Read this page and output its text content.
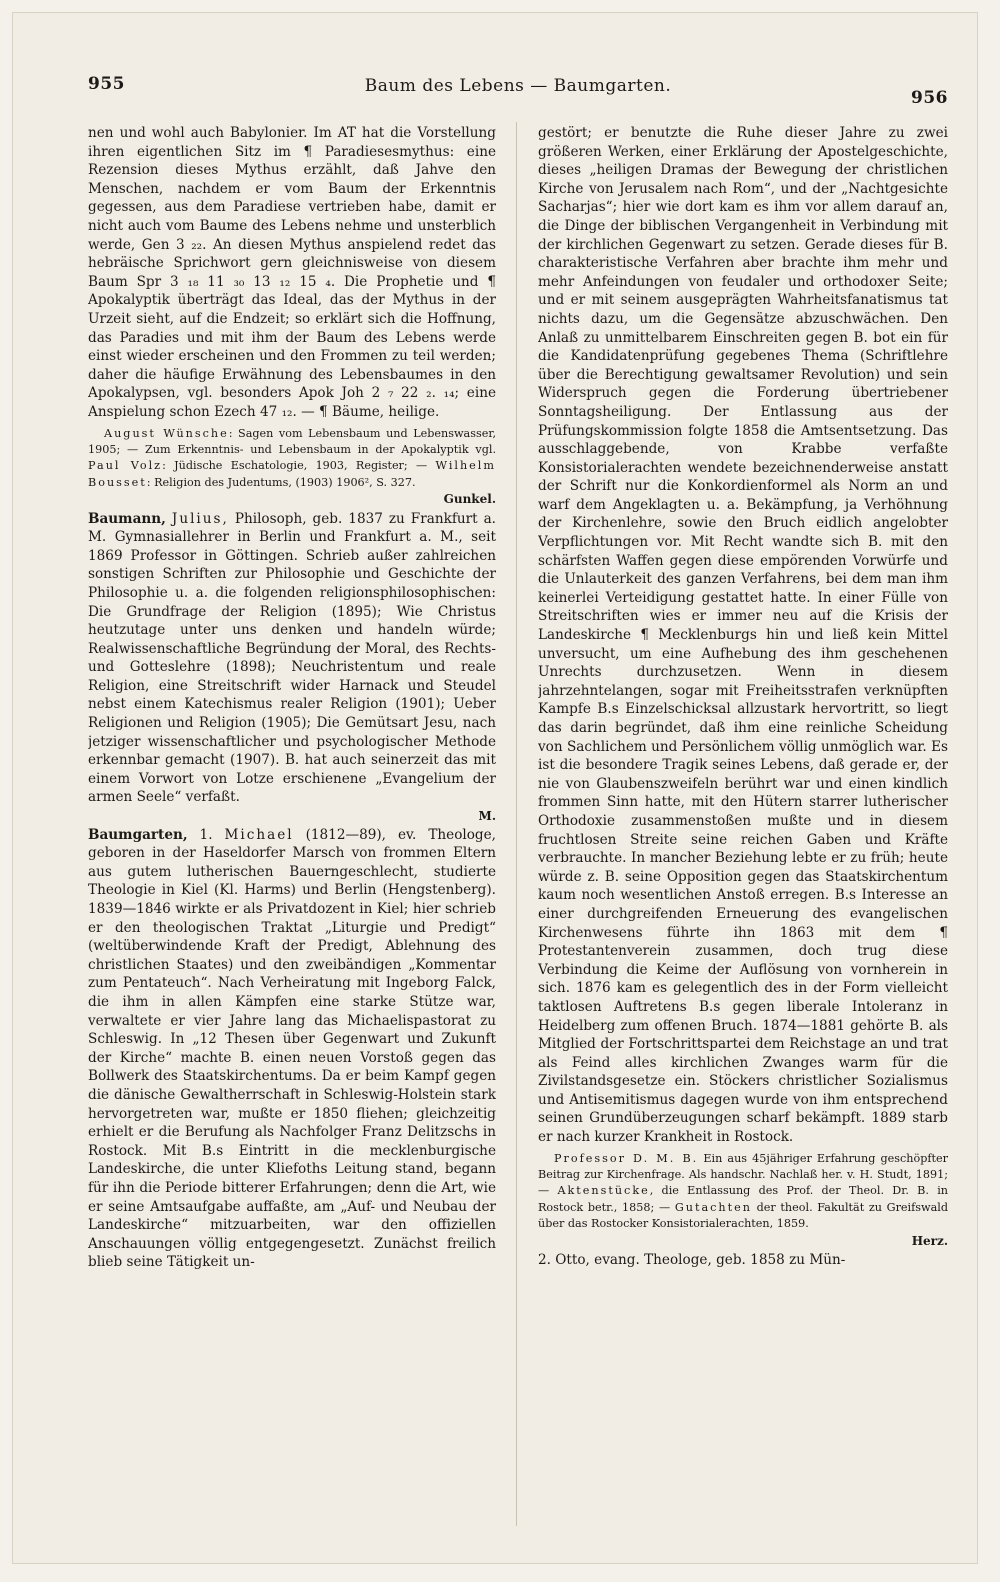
955	Baum des Lebens — Baumgarten.
956

nen und wohl auch Babylonier. Im AT hat die Vorstellung ihren eigentlichen Sitz im ¶ Paradiesesmythus: eine Rezension dieses Mythus erzählt, daß Jahve den Menschen, nachdem er vom Baum der Erkenntnis gegessen, aus dem Paradiese vertrieben habe, damit er nicht auch vom Baume des Lebens nehme und unsterblich werde, Gen 3 ₂₂. An diesen Mythus anspielend redet das hebräische Sprichwort gern gleichnisweise von diesem Baum Spr 3 ₁₈ 11 ₃₀ 13 ₁₂ 15 ₄. Die Prophetie und ¶ Apokalyptik überträgt das Ideal, das der Mythus in der Urzeit sieht, auf die Endzeit; so erklärt sich die Hoffnung, das Paradies und mit ihm der Baum des Lebens werde einst wieder erscheinen und den Frommen zu teil werden; daher die häufige Erwähnung des Lebensbaumes in den Apokalypsen, vgl. besonders Apok Joh 2 ₇ 22 ₂. ₁₄; eine Anspielung schon Ezech 47 ₁₂. — ¶ Bäume, heilige.

August Wünsche: Sagen vom Lebensbaum und Lebenswasser, 1905; — Zum Erkenntnis- und Lebensbaum in der Apokalyptik vgl. Paul Volz: Jüdische Eschatologie, 1903, Register; — Wilhelm Bousset: Religion des Judentums, (1903) 1906², S. 327.
Gunkel.

Baumann, Julius, Philosoph, geb. 1837 zu Frankfurt a. M. Gymnasiallehrer in Berlin und Frankfurt a. M., seit 1869 Professor in Göttingen. Schrieb außer zahlreichen sonstigen Schriften zur Philosophie und Geschichte der Philosophie u. a. die folgenden religionsphilosophischen: Die Grundfrage der Religion (1895); Wie Christus heutzutage unter uns denken und handeln würde; Realwissenschaftliche Begründung der Moral, des Rechts- und Gotteslehre (1898); Neuchristentum und reale Religion, eine Streitschrift wider Harnack und Steudel nebst einem Katechismus realer Religion (1901); Ueber Religionen und Religion (1905); Die Gemütsart Jesu, nach jetziger wissenschaftlicher und psychologischer Methode erkennbar gemacht (1907). B. hat auch seinerzeit das mit einem Vorwort von Lotze erschienene „Evangelium der armen Seele“ verfaßt.
M.

Baumgarten, 1. Michael (1812—89), ev. Theologe, geboren in der Haseldorfer Marsch von frommen Eltern aus gutem lutherischen Bauerngeschlecht, studierte Theologie in Kiel (Kl. Harms) und Berlin (Hengstenberg). 1839—1846 wirkte er als Privatdozent in Kiel; hier schrieb er den theologischen Traktat „Liturgie und Predigt“ (weltüberwindende Kraft der Predigt, Ablehnung des christlichen Staates) und den zweibändigen „Kommentar zum Pentateuch“. Nach Verheiratung mit Ingeborg Falck, die ihm in allen Kämpfen eine starke Stütze war, verwaltete er vier Jahre lang das Michaelispastorat zu Schleswig. In „12 Thesen über Gegenwart und Zukunft der Kirche“ machte B. einen neuen Vorstoß gegen das Bollwerk des Staatskirchentums. Da er beim Kampf gegen die dänische Gewaltherrschaft in Schleswig-Holstein stark hervorgetreten war, mußte er 1850 fliehen; gleichzeitig erhielt er die Berufung als Nachfolger Franz Delitzschs in Rostock. Mit B.s Eintritt in die mecklenburgische Landeskirche, die unter Kliefoths Leitung stand, begann für ihn die Periode bitterer Erfahrungen; denn die Art, wie er seine Amtsaufgabe auffaßte, am „Auf- und Neubau der Landeskirche“ mitzuarbeiten, war den offiziellen Anschauungen völlig entgegengesetzt. Zunächst freilich blieb seine Tätigkeit un-

gestört; er benutzte die Ruhe dieser Jahre zu zwei größeren Werken, einer Erklärung der Apostelgeschichte, dieses „heiligen Dramas der Bewegung der christlichen Kirche von Jerusalem nach Rom“, und der „Nachtgesichte Sacharjas“; hier wie dort kam es ihm vor allem darauf an, die Dinge der biblischen Vergangenheit in Verbindung mit der kirchlichen Gegenwart zu setzen. Gerade dieses für B. charakteristische Verfahren aber brachte ihm mehr und mehr Anfeindungen von feudaler und orthodoxer Seite; und er mit seinem ausgeprägten Wahrheitsfanatismus tat nichts dazu, um die Gegensätze abzuschwächen. Den Anlaß zu unmittelbarem Einschreiten gegen B. bot ein für die Kandidatenprüfung gegebenes Thema (Schriftlehre über die Berechtigung gewaltsamer Revolution) und sein Widerspruch gegen die Forderung übertriebener Sonntagsheiligung. Der Entlassung aus der Prüfungskommission folgte 1858 die Amtsentsetzung. Das ausschlaggebende, von Krabbe verfaßte Konsistorialerachten wendete bezeichnenderweise anstatt der Schrift nur die Konkordienformel als Norm an und warf dem Angeklagten u. a. Bekämpfung, ja Verhöhnung der Kirchenlehre, sowie den Bruch eidlich angelobter Verpflichtungen vor. Mit Recht wandte sich B. mit den schärfsten Waffen gegen diese empörenden Vorwürfe und die Unlauterkeit des ganzen Verfahrens, bei dem man ihm keinerlei Verteidigung gestattet hatte. In einer Fülle von Streitschriften wies er immer neu auf die Krisis der Landeskirche ¶ Mecklenburgs hin und ließ kein Mittel unversucht, um eine Aufhebung des ihm geschehenen Unrechts durchzusetzen. Wenn in diesem jahrzehntelangen, sogar mit Freiheitsstrafen verknüpften Kampfe B.s Einzelschicksal allzustark hervortritt, so liegt das darin begründet, daß ihm eine reinliche Scheidung von Sachlichem und Persönlichem völlig unmöglich war. Es ist die besondere Tragik seines Lebens, daß gerade er, der nie von Glaubenszweifeln berührt war und einen kindlich frommen Sinn hatte, mit den Hütern starrer lutherischer Orthodoxie zusammenstoßen mußte und in diesem fruchtlosen Streite seine reichen Gaben und Kräfte verbrauchte. In mancher Beziehung lebte er zu früh; heute würde z. B. seine Opposition gegen das Staatskirchentum kaum noch wesentlichen Anstoß erregen. B.s Interesse an einer durchgreifenden Erneuerung des evangelischen Kirchenwesens führte ihn 1863 mit dem ¶ Protestantenverein zusammen, doch trug diese Verbindung die Keime der Auflösung von vornherein in sich. 1876 kam es gelegentlich des in der Form vielleicht taktlosen Auftretens B.s gegen liberale Intoleranz in Heidelberg zum offenen Bruch. 1874—1881 gehörte B. als Mitglied der Fortschrittspartei dem Reichstage an und trat als Feind alles kirchlichen Zwanges warm für die Zivilstandsgesetze ein. Stöckers christlicher Sozialismus und Antisemitismus dagegen wurde von ihm entsprechend seinen Grundüberzeugungen scharf bekämpft. 1889 starb er nach kurzer Krankheit in Rostock.

Professor D. M. B. Ein aus 45jähriger Erfahrung geschöpfter Beitrag zur Kirchenfrage. Als handschr. Nachlaß her. v. H. Studt, 1891; — Aktenstücke, die Entlassung des Prof. der Theol. Dr. B. in Rostock betr., 1858; — Gutachten der theol. Fakultät zu Greifswald über das Rostocker Konsistorialerachten, 1859.
Herz.

2. Otto, evang. Theologe, geb. 1858 zu Mün-
